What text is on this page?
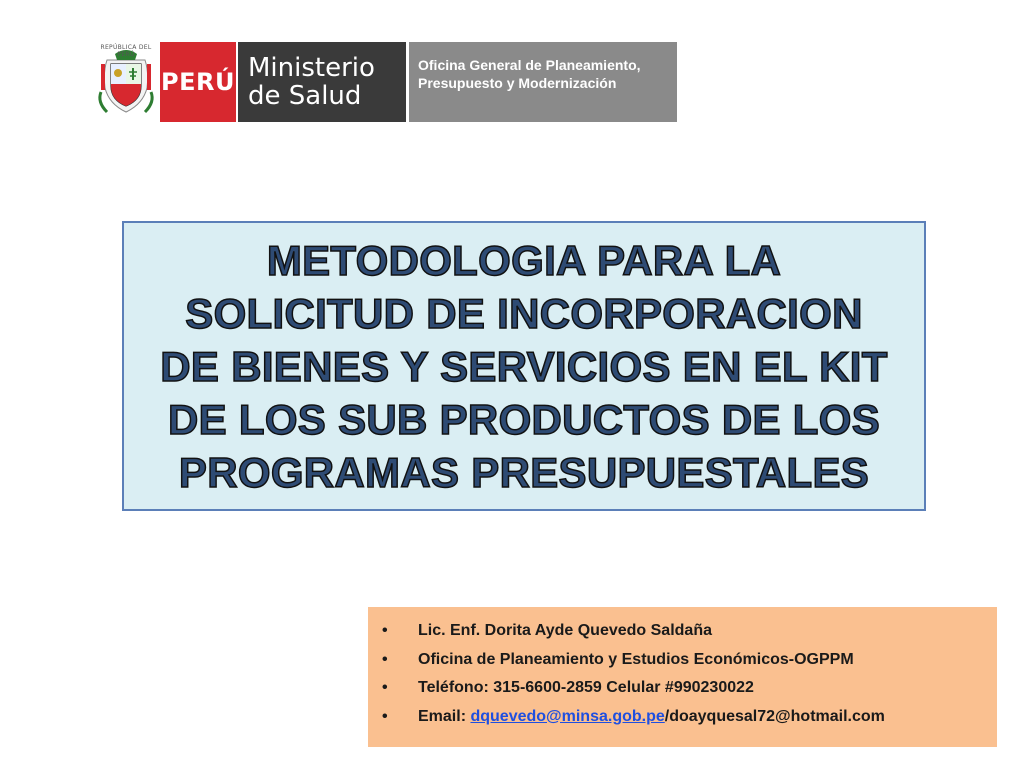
REPÚBLICA DEL PERÚ
PERÚ Ministerio
de Salud
Oficina General de Planeamiento,
Presupuesto y Modernización
METODOLOGIA PARA LA
SOLICITUD DE INCORPORACION
DE BIENES Y SERVICIOS EN EL KIT
DE LOS SUB PRODUCTOS DE LOS
PROGRAMAS PRESUPUESTALES
• Lic. Enf. Dorita Ayde Quevedo Saldaña
• Oficina de Planeamiento y Estudios Económicos-OGPPM
• Teléfono: 315-6600-2859 Celular #990230022
• Email: dquevedo@minsa.gob.pe/doayquesal72@hotmail.com
